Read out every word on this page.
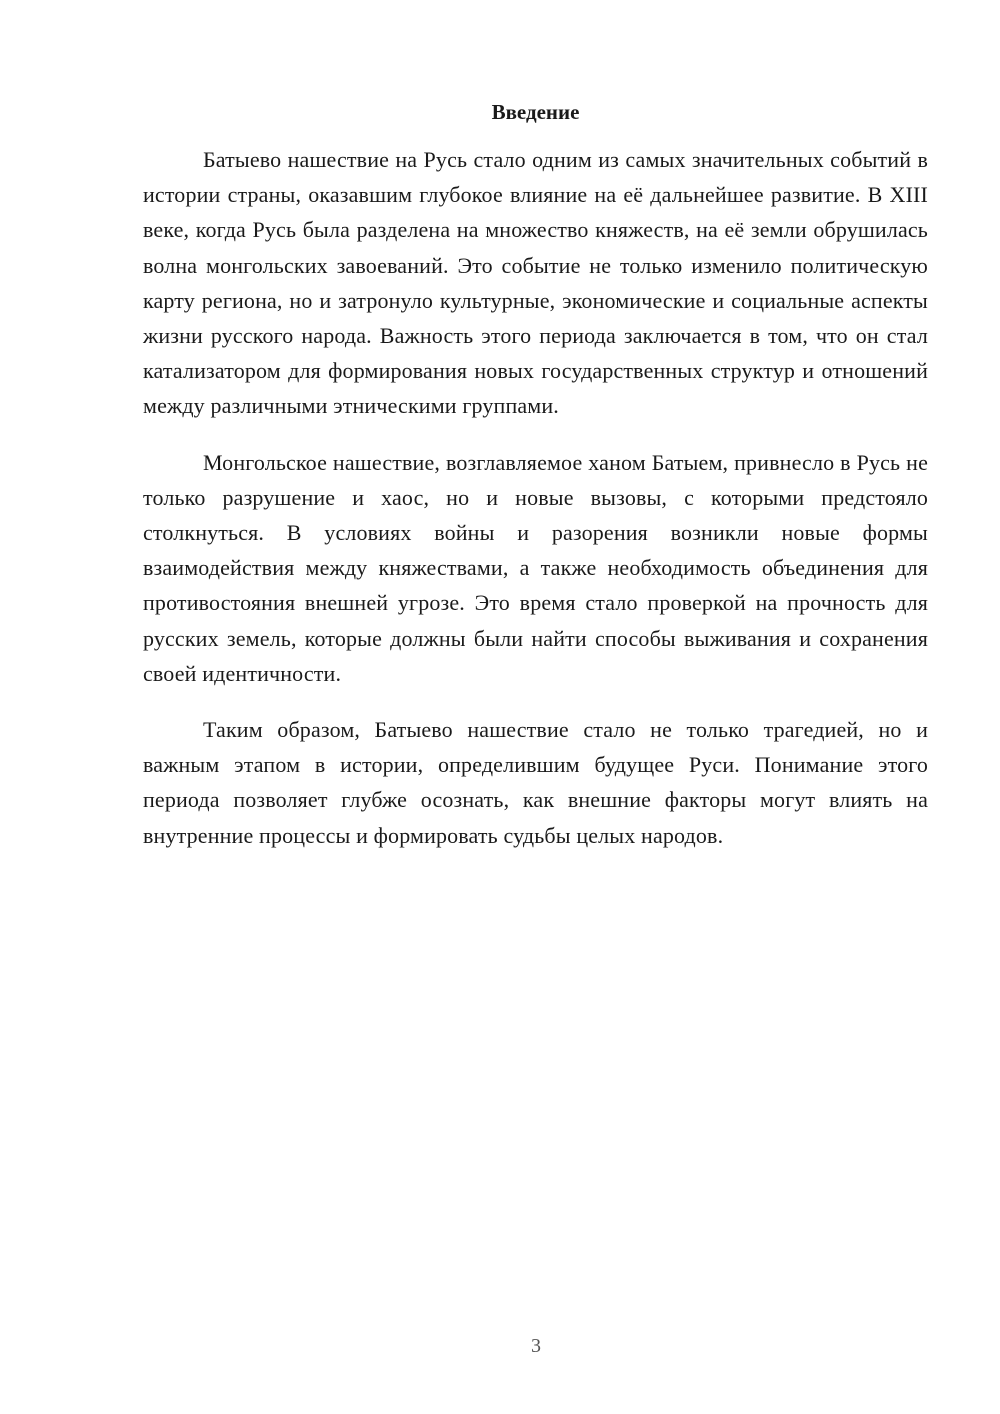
Введение

Батыево нашествие на Русь стало одним из самых значительных событий в истории страны, оказавшим глубокое влияние на её дальнейшее развитие. В XIII веке, когда Русь была разделена на множество княжеств, на её земли обрушилась волна монгольских завоеваний. Это событие не только изменило политическую карту региона, но и затронуло культурные, экономические и социальные аспекты жизни русского народа. Важность этого периода заключается в том, что он стал катализатором для формирования новых государственных структур и отношений между различными этническими группами.

Монгольское нашествие, возглавляемое ханом Батыем, привнесло в Русь не только разрушение и хаос, но и новые вызовы, с которыми предстояло столкнуться. В условиях войны и разорения возникли новые формы взаимодействия между княжествами, а также необходимость объединения для противостояния внешней угрозе. Это время стало проверкой на прочность для русских земель, которые должны были найти способы выживания и сохранения своей идентичности.

Таким образом, Батыево нашествие стало не только трагедией, но и важным этапом в истории, определившим будущее Руси. Понимание этого периода позволяет глубже осознать, как внешние факторы могут влиять на внутренние процессы и формировать судьбы целых народов.

3
